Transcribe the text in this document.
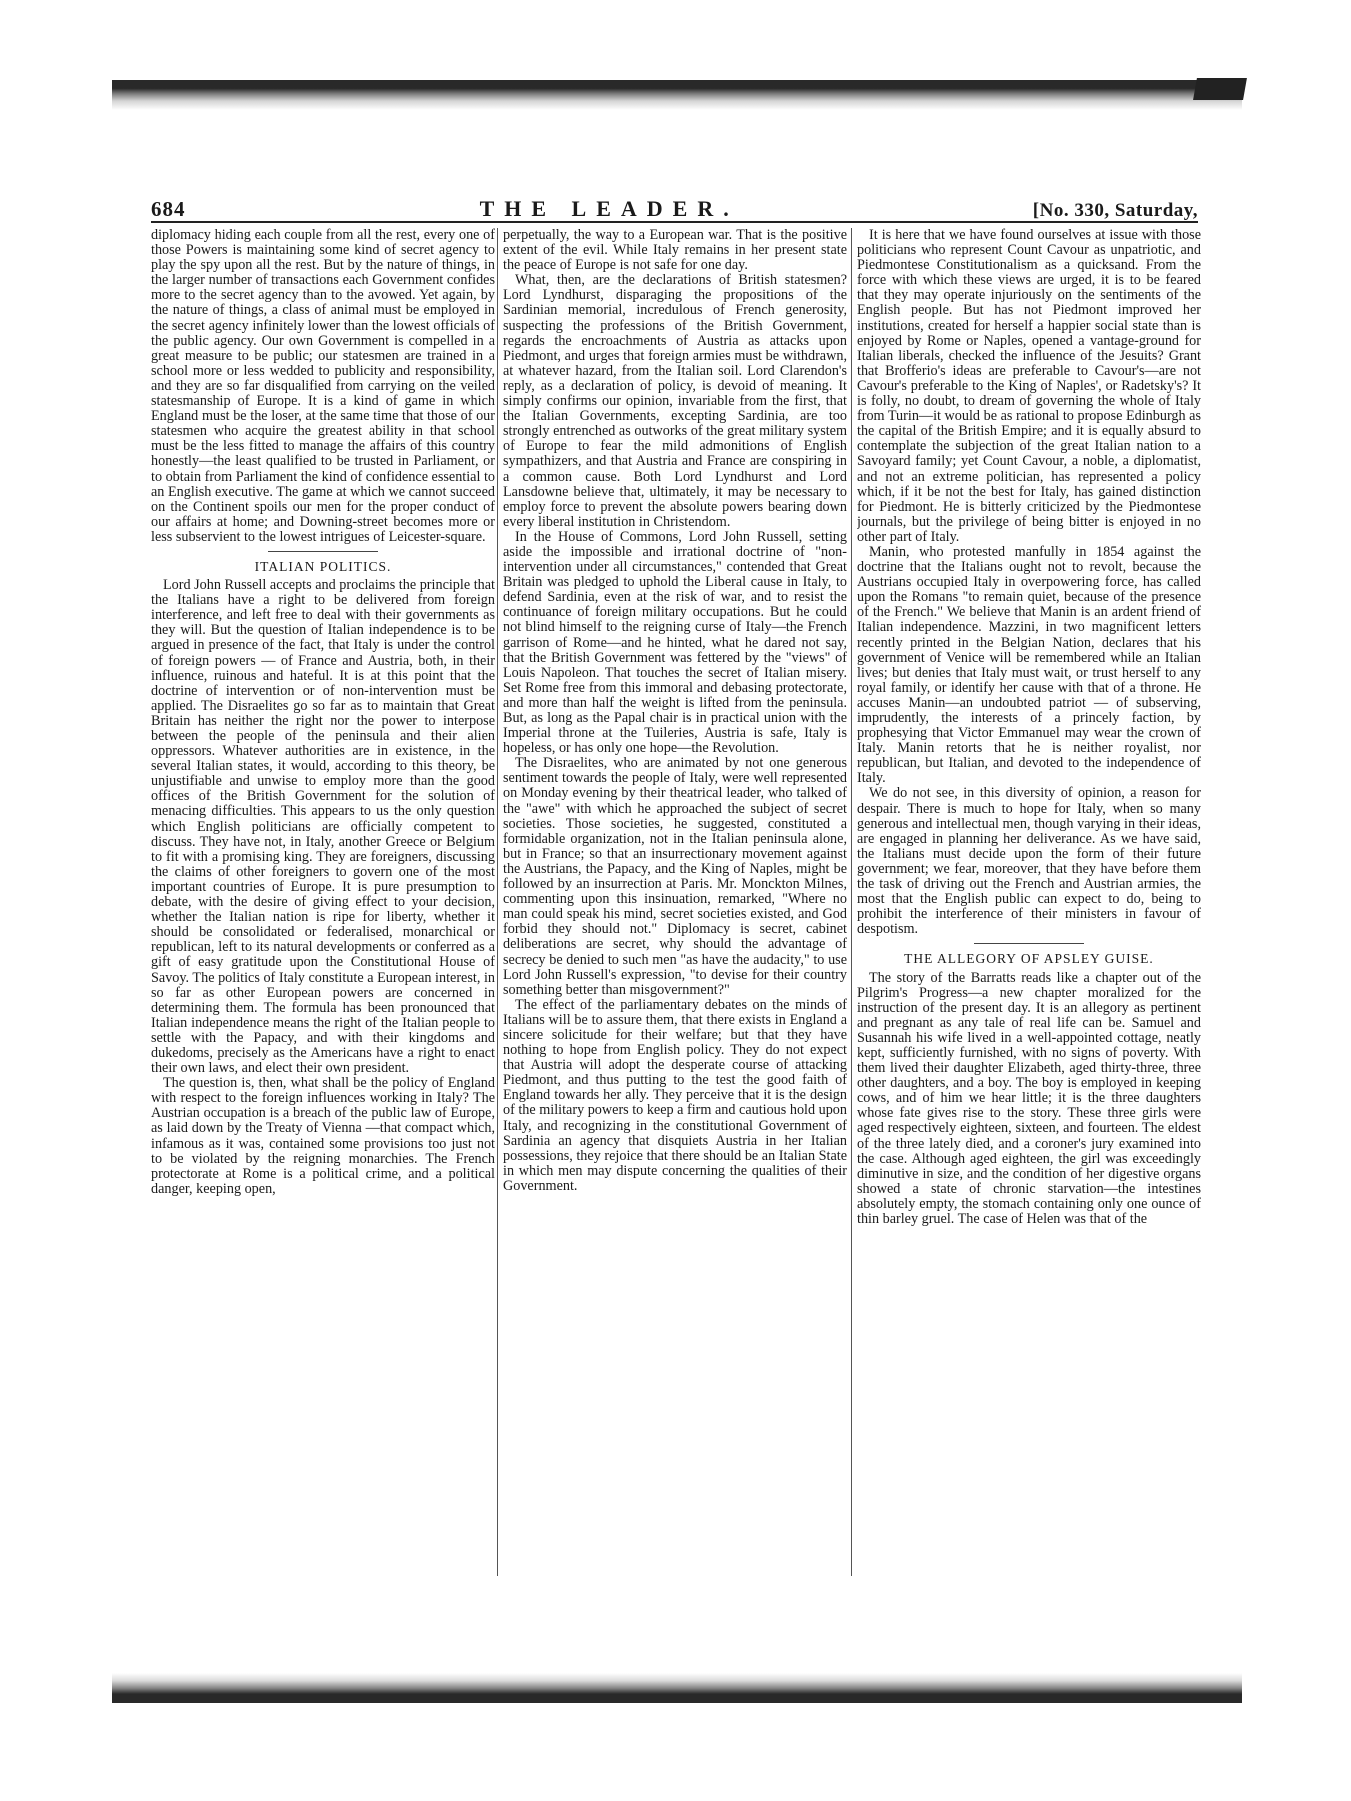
684	THE LEADER.	[No. 330, Saturday,

diplomacy hiding each couple from all the rest, every one of those Powers is maintaining some kind of secret agency to play the spy upon all the rest. But by the nature of things, in the larger number of transactions each Government confides more to the secret agency than to the avowed. Yet again, by the nature of things, a class of animal must be employed in the secret agency infinitely lower than the lowest officials of the public agency. Our own Government is compelled in a great measure to be public; our statesmen are trained in a school more or less wedded to publicity and responsibility, and they are so far disqualified from carrying on the veiled statesmanship of Europe. It is a kind of game in which England must be the loser, at the same time that those of our statesmen who acquire the greatest ability in that school must be the less fitted to manage the affairs of this country honestly—the least qualified to be trusted in Parliament, or to obtain from Parliament the kind of confidence essential to an English executive. The game at which we cannot succeed on the Continent spoils our men for the proper conduct of our affairs at home; and Downing-street becomes more or less subservient to the lowest intrigues of Leicester-square.

ITALIAN POLITICS.

Lord John Russell accepts and proclaims the principle that the Italians have a right to be delivered from foreign interference, and left free to deal with their governments as they will. But the question of Italian independence is to be argued in presence of the fact, that Italy is under the control of foreign powers — of France and Austria, both, in their influence, ruinous and hateful. It is at this point that the doctrine of intervention or of non-intervention must be applied. The Disraelites go so far as to maintain that Great Britain has neither the right nor the power to interpose between the people of the peninsula and their alien oppressors. Whatever authorities are in existence, in the several Italian states, it would, according to this theory, be unjustifiable and unwise to employ more than the good offices of the British Government for the solution of menacing difficulties. This appears to us the only question which English politicians are officially competent to discuss. They have not, in Italy, another Greece or Belgium to fit with a promising king. They are foreigners, discussing the claims of other foreigners to govern one of the most important countries of Europe. It is pure presumption to debate, with the desire of giving effect to your decision, whether the Italian nation is ripe for liberty, whether it should be consolidated or federalised, monarchical or republican, left to its natural developments or conferred as a gift of easy gratitude upon the Constitutional House of Savoy. The politics of Italy constitute a European interest, in so far as other European powers are concerned in determining them. The formula has been pronounced that Italian independence means the right of the Italian people to settle with the Papacy, and with their kingdoms and dukedoms, precisely as the Americans have a right to enact their own laws, and elect their own president.

The question is, then, what shall be the policy of England with respect to the foreign influences working in Italy? The Austrian occupation is a breach of the public law of Europe, as laid down by the Treaty of Vienna —that compact which, infamous as it was, contained some provisions too just not to be violated by the reigning monarchies. The French protectorate at Rome is a political crime, and a political danger, keeping open,

perpetually, the way to a European war. That is the positive extent of the evil. While Italy remains in her present state the peace of Europe is not safe for one day.

What, then, are the declarations of British statesmen? Lord Lyndhurst, disparaging the propositions of the Sardinian memorial, incredulous of French generosity, suspecting the professions of the British Government, regards the encroachments of Austria as attacks upon Piedmont, and urges that foreign armies must be withdrawn, at whatever hazard, from the Italian soil. Lord Clarendon's reply, as a declaration of policy, is devoid of meaning. It simply confirms our opinion, invariable from the first, that the Italian Governments, excepting Sardinia, are too strongly entrenched as outworks of the great military system of Europe to fear the mild admonitions of English sympathizers, and that Austria and France are conspiring in a common cause. Both Lord Lyndhurst and Lord Lansdowne believe that, ultimately, it may be necessary to employ force to prevent the absolute powers bearing down every liberal institution in Christendom.

In the House of Commons, Lord John Russell, setting aside the impossible and irrational doctrine of "non-intervention under all circumstances," contended that Great Britain was pledged to uphold the Liberal cause in Italy, to defend Sardinia, even at the risk of war, and to resist the continuance of foreign military occupations. But he could not blind himself to the reigning curse of Italy—the French garrison of Rome—and he hinted, what he dared not say, that the British Government was fettered by the "views" of Louis Napoleon. That touches the secret of Italian misery. Set Rome free from this immoral and debasing protectorate, and more than half the weight is lifted from the peninsula. But, as long as the Papal chair is in practical union with the Imperial throne at the Tuileries, Austria is safe, Italy is hopeless, or has only one hope—the Revolution.

The Disraelites, who are animated by not one generous sentiment towards the people of Italy, were well represented on Monday evening by their theatrical leader, who talked of the "awe" with which he approached the subject of secret societies. Those societies, he suggested, constituted a formidable organization, not in the Italian peninsula alone, but in France; so that an insurrectionary movement against the Austrians, the Papacy, and the King of Naples, might be followed by an insurrection at Paris. Mr. Monckton Milnes, commenting upon this insinuation, remarked, "Where no man could speak his mind, secret societies existed, and God forbid they should not." Diplomacy is secret, cabinet deliberations are secret, why should the advantage of secrecy be denied to such men "as have the audacity," to use Lord John Russell's expression, "to devise for their country something better than misgovernment?"

The effect of the parliamentary debates on the minds of Italians will be to assure them, that there exists in England a sincere solicitude for their welfare; but that they have nothing to hope from English policy. They do not expect that Austria will adopt the desperate course of attacking Piedmont, and thus putting to the test the good faith of England towards her ally. They perceive that it is the design of the military powers to keep a firm and cautious hold upon Italy, and recognizing in the constitutional Government of Sardinia an agency that disquiets Austria in her Italian possessions, they rejoice that there should be an Italian State in which men may dispute concerning the qualities of their Government.

It is here that we have found ourselves at issue with those politicians who represent Count Cavour as unpatriotic, and Piedmontese Constitutionalism as a quicksand. From the force with which these views are urged, it is to be feared that they may operate injuriously on the sentiments of the English people. But has not Piedmont improved her institutions, created for herself a happier social state than is enjoyed by Rome or Naples, opened a vantage-ground for Italian liberals, checked the influence of the Jesuits? Grant that Brofferio's ideas are preferable to Cavour's—are not Cavour's preferable to the King of Naples', or Radetsky's? It is folly, no doubt, to dream of governing the whole of Italy from Turin—it would be as rational to propose Edinburgh as the capital of the British Empire; and it is equally absurd to contemplate the subjection of the great Italian nation to a Savoyard family; yet Count Cavour, a noble, a diplomatist, and not an extreme politician, has represented a policy which, if it be not the best for Italy, has gained distinction for Piedmont. He is bitterly criticized by the Piedmontese journals, but the privilege of being bitter is enjoyed in no other part of Italy.

Manin, who protested manfully in 1854 against the doctrine that the Italians ought not to revolt, because the Austrians occupied Italy in overpowering force, has called upon the Romans "to remain quiet, because of the presence of the French." We believe that Manin is an ardent friend of Italian independence. Mazzini, in two magnificent letters recently printed in the Belgian Nation, declares that his government of Venice will be remembered while an Italian lives; but denies that Italy must wait, or trust herself to any royal family, or identify her cause with that of a throne. He accuses Manin—an undoubted patriot — of subserving, imprudently, the interests of a princely faction, by prophesying that Victor Emmanuel may wear the crown of Italy. Manin retorts that he is neither royalist, nor republican, but Italian, and devoted to the independence of Italy.

We do not see, in this diversity of opinion, a reason for despair. There is much to hope for Italy, when so many generous and intellectual men, though varying in their ideas, are engaged in planning her deliverance. As we have said, the Italians must decide upon the form of their future government; we fear, moreover, that they have before them the task of driving out the French and Austrian armies, the most that the English public can expect to do, being to prohibit the interference of their ministers in favour of despotism.

THE ALLEGORY OF APSLEY GUISE.

The story of the Barratts reads like a chapter out of the Pilgrim's Progress—a new chapter moralized for the instruction of the present day. It is an allegory as pertinent and pregnant as any tale of real life can be. Samuel and Susannah his wife lived in a well-appointed cottage, neatly kept, sufficiently furnished, with no signs of poverty. With them lived their daughter Elizabeth, aged thirty-three, three other daughters, and a boy. The boy is employed in keeping cows, and of him we hear little; it is the three daughters whose fate gives rise to the story. These three girls were aged respectively eighteen, sixteen, and fourteen. The eldest of the three lately died, and a coroner's jury examined into the case. Although aged eighteen, the girl was exceedingly diminutive in size, and the condition of her digestive organs showed a state of chronic starvation—the intestines absolutely empty, the stomach containing only one ounce of thin barley gruel. The case of Helen was that of the
